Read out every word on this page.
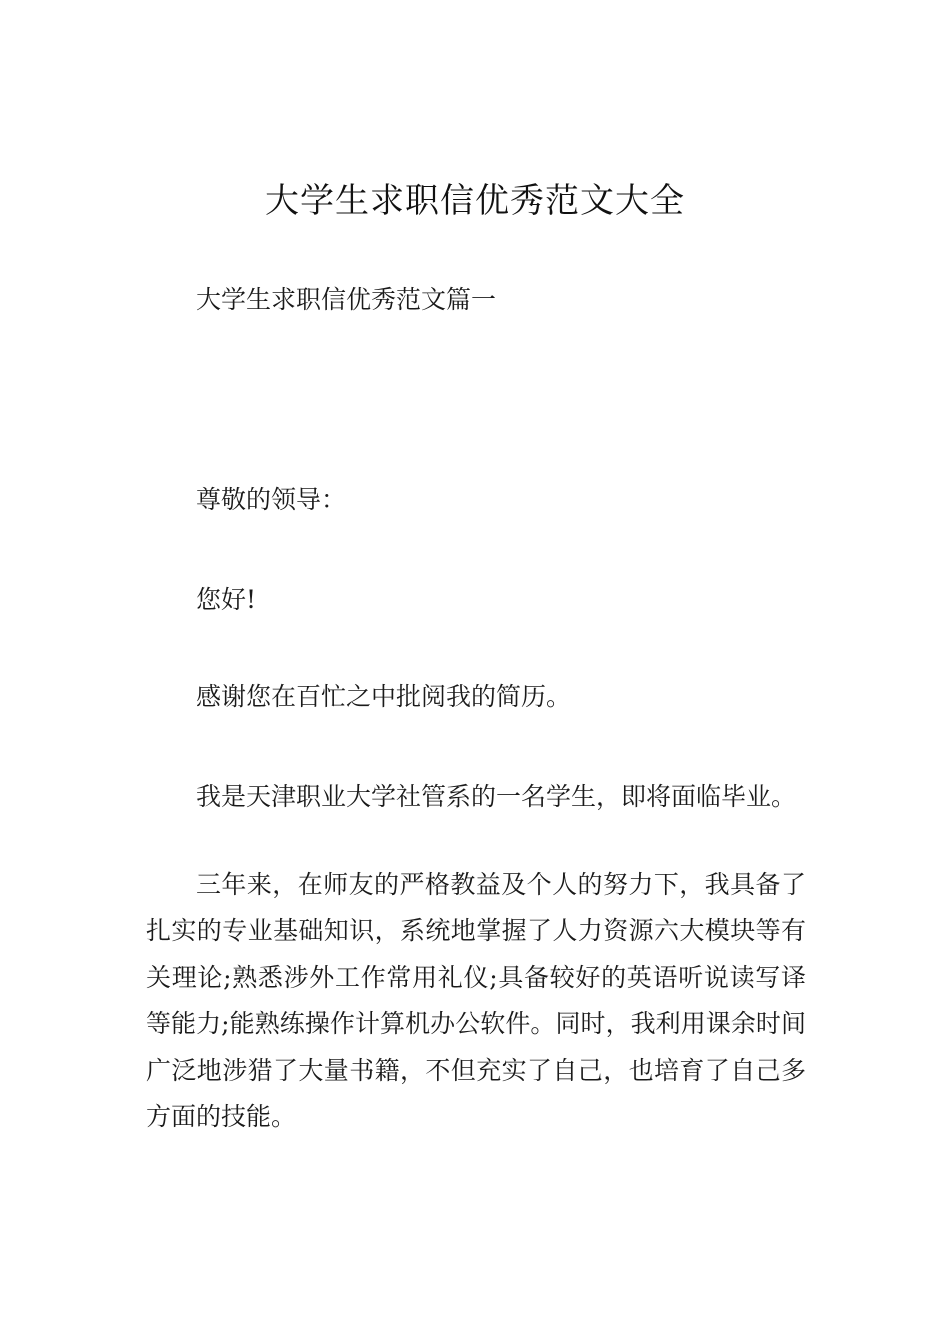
大学生求职信优秀范文大全

大学生求职信优秀范文篇一

尊敬的领导：

您好!

感谢您在百忙之中批阅我的简历。

我是天津职业大学社管系的一名学生，即将面临毕业。

三年来，在师友的严格教益及个人的努力下，我具备了扎实的专业基础知识，系统地掌握了人力资源六大模块等有关理论;熟悉涉外工作常用礼仪;具备较好的英语听说读写译等能力;能熟练操作计算机办公软件。同时，我利用课余时间广泛地涉猎了大量书籍，不但充实了自己，也培育了自己多方面的技能。
